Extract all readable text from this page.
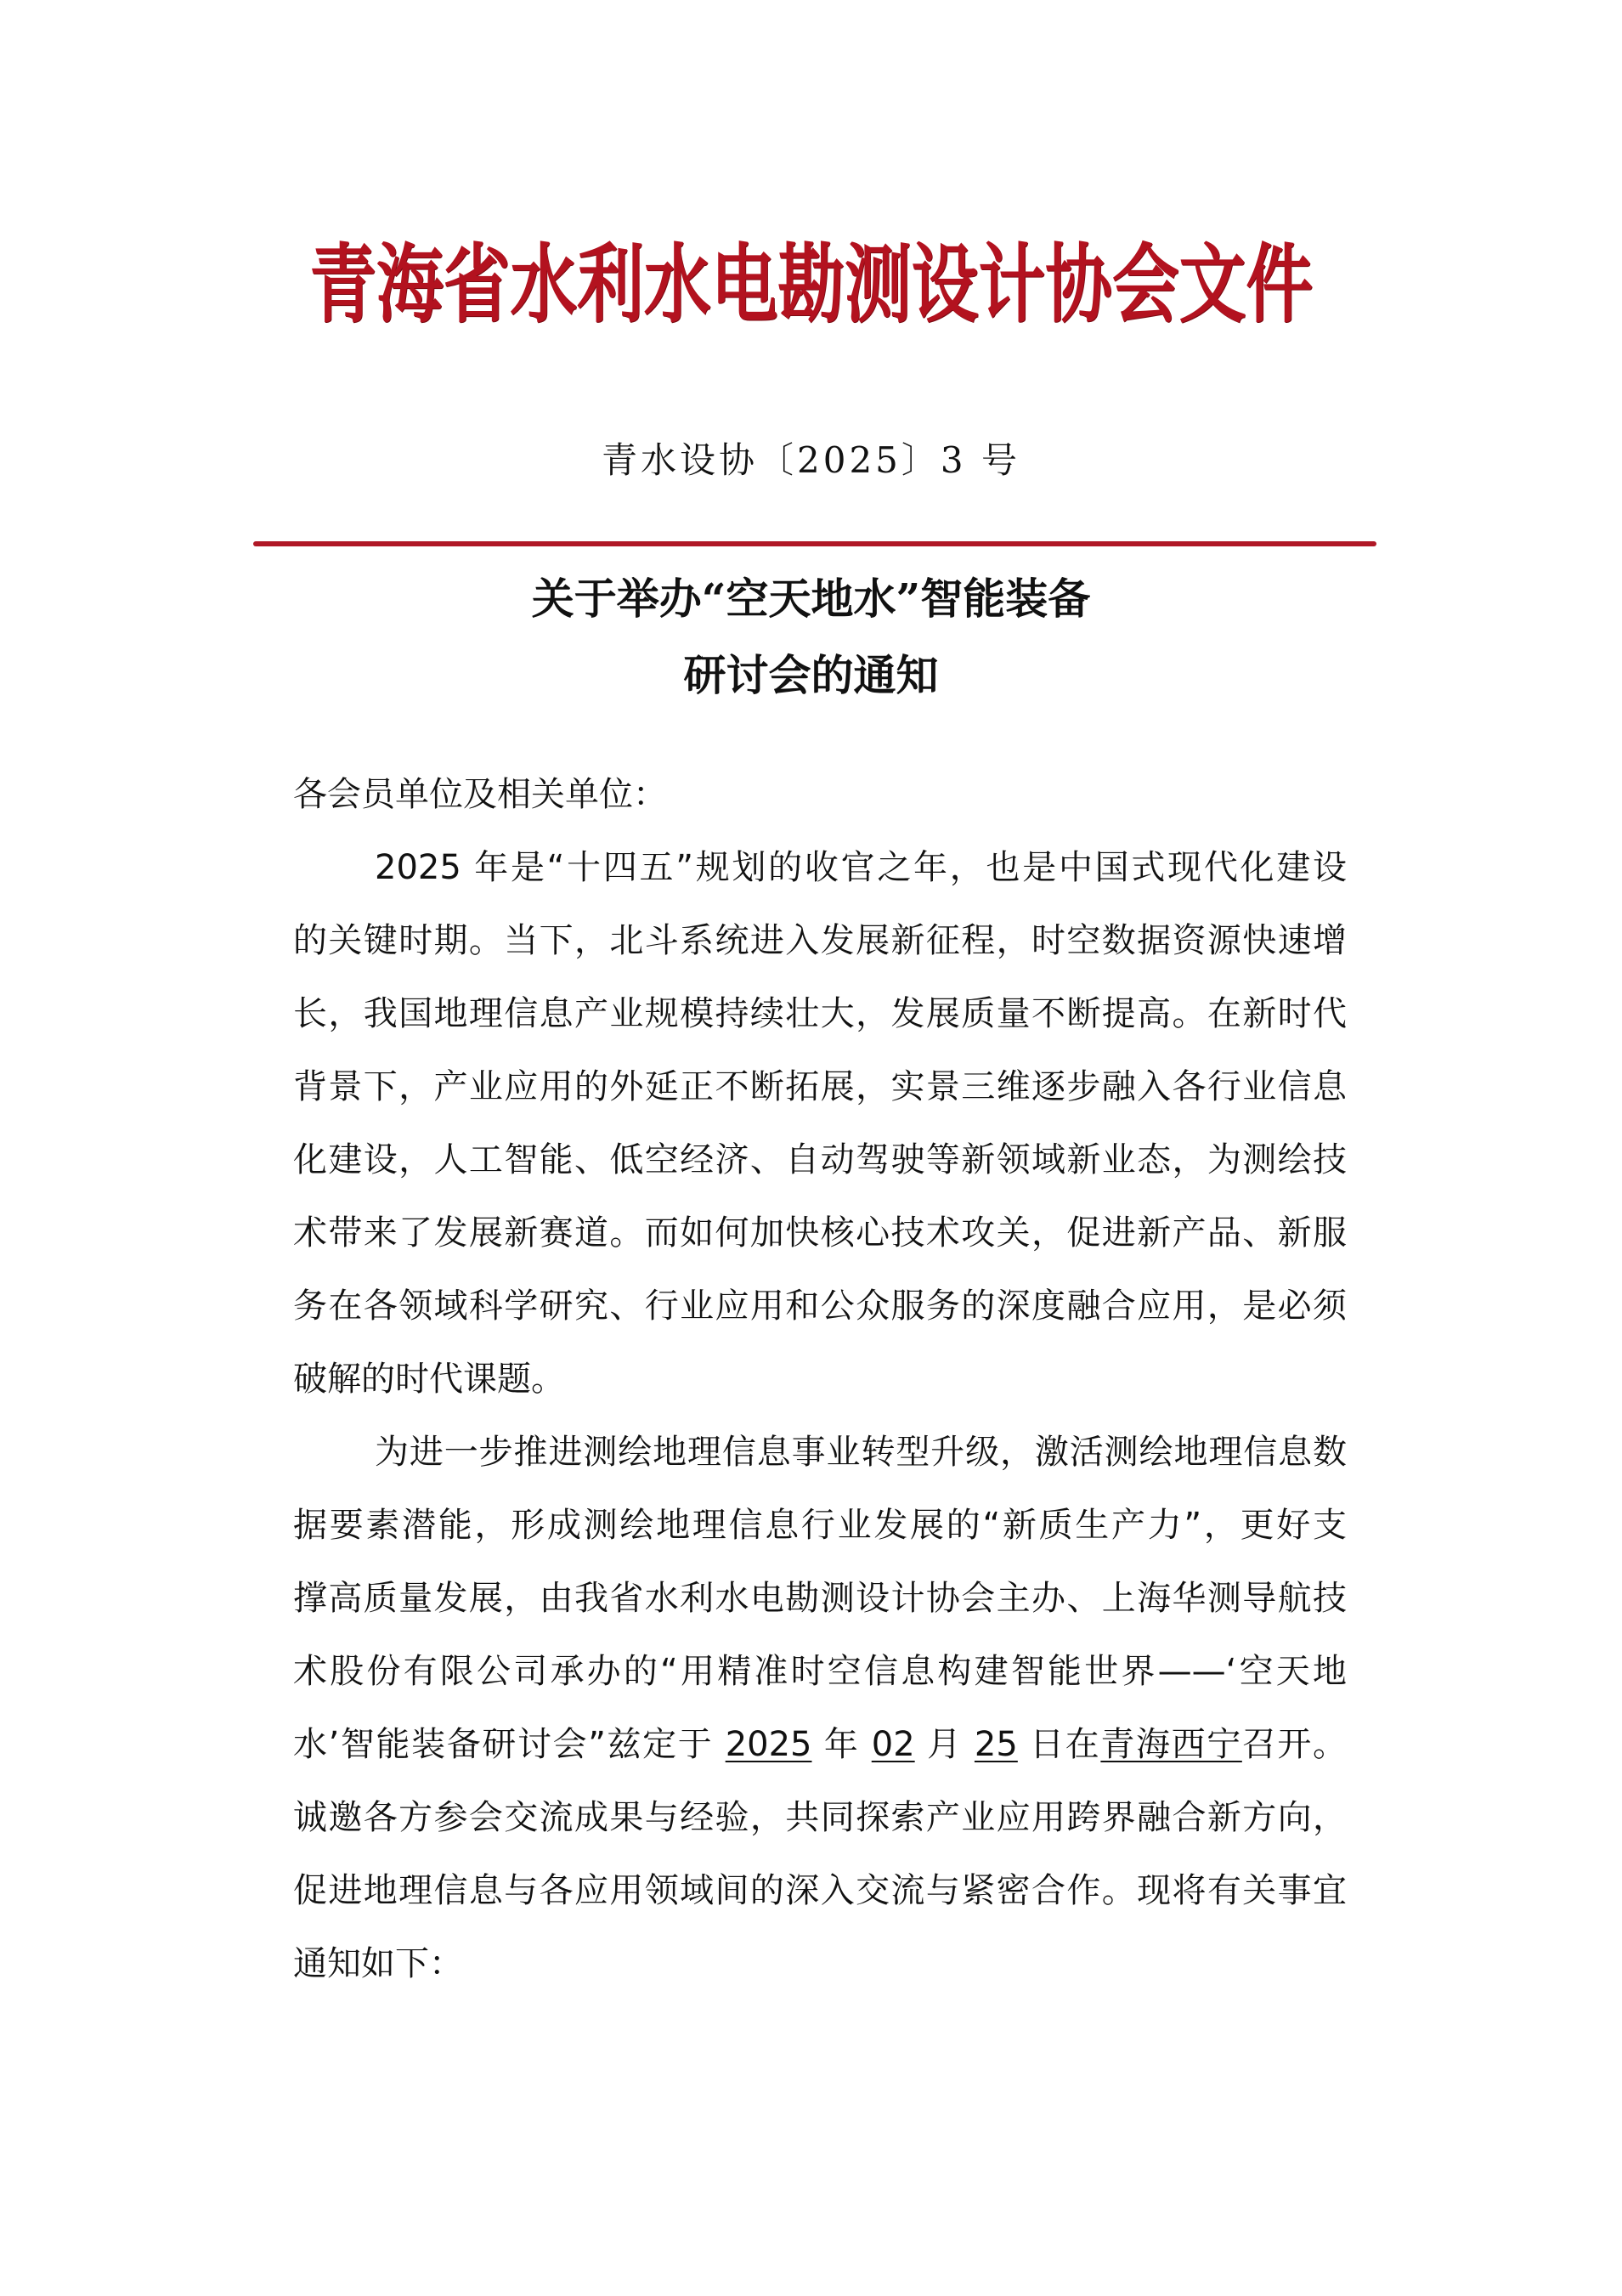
青海省水利水电勘测设计协会文件
青水设协〔2025〕3 号
关于举办“空天地水”智能装备
研讨会的通知
各会员单位及相关单位：
2025 年是“十四五”规划的收官之年，也是中国式现代化建设
的关键时期。当下，北斗系统进入发展新征程，时空数据资源快速增
长，我国地理信息产业规模持续壮大，发展质量不断提高。在新时代
背景下，产业应用的外延正不断拓展，实景三维逐步融入各行业信息
化建设，人工智能、低空经济、自动驾驶等新领域新业态，为测绘技
术带来了发展新赛道。而如何加快核心技术攻关，促进新产品、新服
务在各领域科学研究、行业应用和公众服务的深度融合应用，是必须
破解的时代课题。
为进一步推进测绘地理信息事业转型升级，激活测绘地理信息数
据要素潜能，形成测绘地理信息行业发展的“新质生产力”，更好支
撑高质量发展，由我省水利水电勘测设计协会主办、上海华测导航技
术股份有限公司承办的“用精准时空信息构建智能世界——‘空天地
水’智能装备研讨会”兹定于 2025 年 02 月 25 日在青海西宁召开。
诚邀各方参会交流成果与经验，共同探索产业应用跨界融合新方向，
促进地理信息与各应用领域间的深入交流与紧密合作。现将有关事宜
通知如下：
